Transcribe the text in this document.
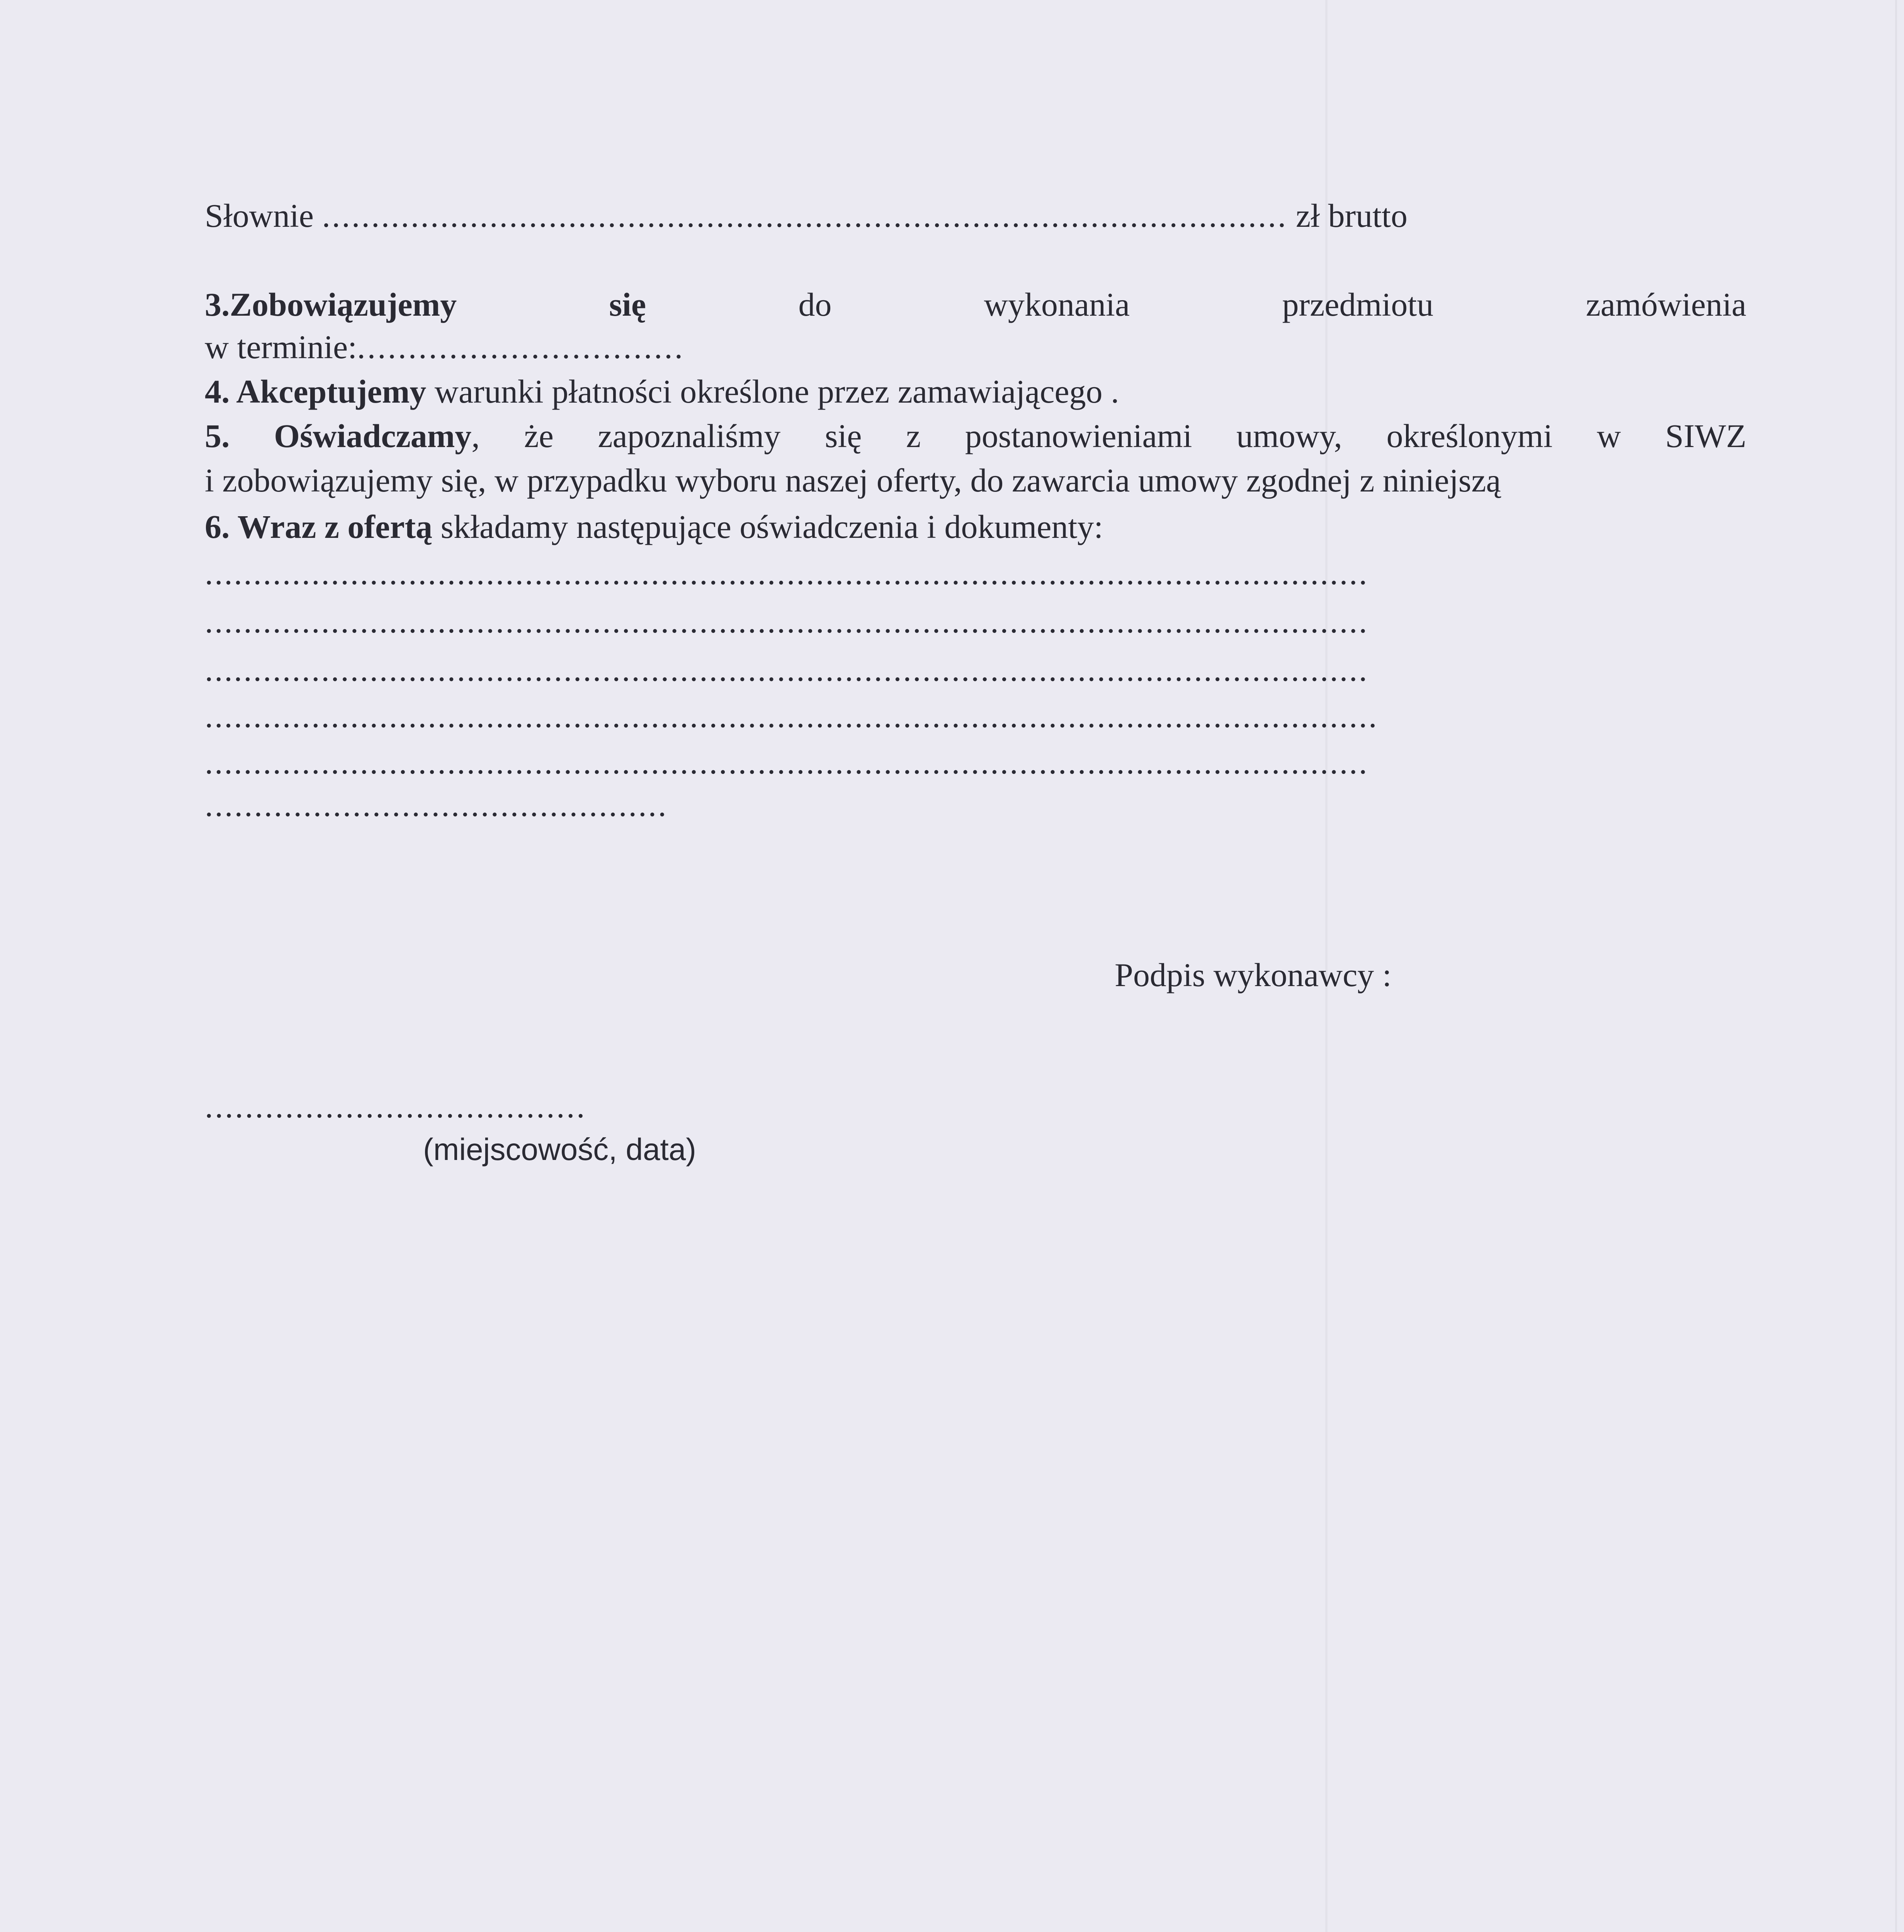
Słownie .................................................................................................. zł brutto
3.Zobowiązujemy	się	do	wykonania	przedmiotu	zamówienia
w terminie:................................
4. Akceptujemy warunki płatności określone przez zamawiającego .
5. Oświadczamy, że zapoznaliśmy się z postanowieniami umowy, określonymi w SIWZ
i zobowiązujemy się, w przypadku wyboru naszej oferty, do zawarcia umowy zgodnej z niniejszą
6. Wraz z ofertą składamy następujące oświadczenia i dokumenty:
........................................................................................................................
........................................................................................................................
........................................................................................................................
.........................................................................................................................
........................................................................................................................
...............................................
Podpis wykonawcy :
......................................
(miejscowość, data)
